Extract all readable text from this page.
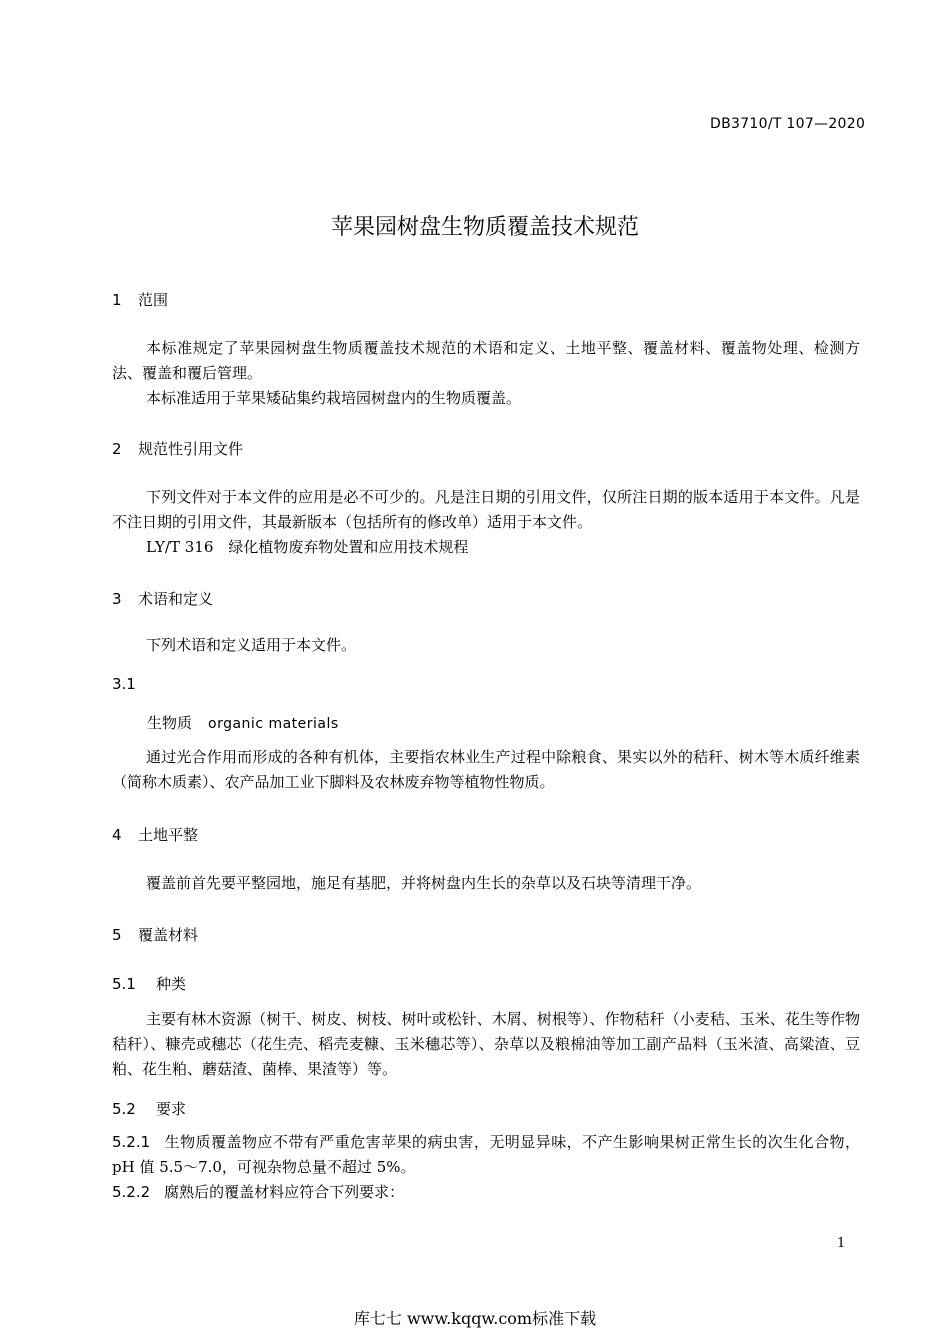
DB3710/T 107—2020
苹果园树盘生物质覆盖技术规范
1 范围
本标准规定了苹果园树盘生物质覆盖技术规范的术语和定义、土地平整、覆盖材料、覆盖物处理、检测方法、覆盖和覆后管理。
本标准适用于苹果矮砧集约栽培园树盘内的生物质覆盖。
2 规范性引用文件
下列文件对于本文件的应用是必不可少的。凡是注日期的引用文件，仅所注日期的版本适用于本文件。凡是不注日期的引用文件，其最新版本（包括所有的修改单）适用于本文件。
LY/T 316　绿化植物废弃物处置和应用技术规程
3 术语和定义
下列术语和定义适用于本文件。
3.1
生物质 organic materials
通过光合作用而形成的各种有机体，主要指农林业生产过程中除粮食、果实以外的秸秆、树木等木质纤维素（简称木质素）、农产品加工业下脚料及农林废弃物等植物性物质。
4 土地平整
覆盖前首先要平整园地，施足有基肥，并将树盘内生长的杂草以及石块等清理干净。
5 覆盖材料
5.1 种类
主要有林木资源（树干、树皮、树枝、树叶或松针、木屑、树根等）、作物秸秆（小麦秸、玉米、花生等作物秸秆）、糠壳或穗芯（花生壳、稻壳麦糠、玉米穗芯等）、杂草以及粮棉油等加工副产品料（玉米渣、高粱渣、豆粕、花生粕、蘑菇渣、菌棒、果渣等）等。
5.2 要求
5.2.1 生物质覆盖物应不带有严重危害苹果的病虫害，无明显异味，不产生影响果树正常生长的次生化合物，pH 值 5.5～7.0，可视杂物总量不超过 5%。
5.2.2 腐熟后的覆盖材料应符合下列要求：
1
库七七 www.kqqw.com标准下载
